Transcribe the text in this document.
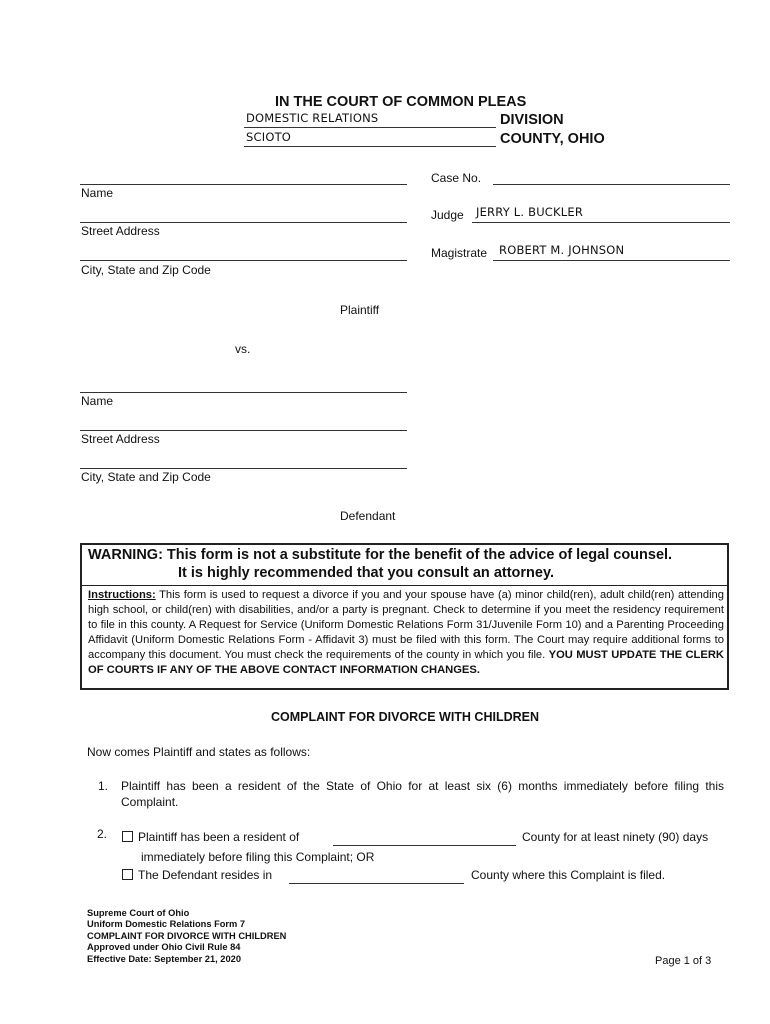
IN THE COURT OF COMMON PLEAS
DOMESTIC RELATIONS	DIVISION
SCIOTO	COUNTY, OHIO
Name
Street Address
City, State and Zip Code
Plaintiff
vs.
Name
Street Address
City, State and Zip Code
Defendant
Case No.
Judge JERRY L. BUCKLER
Magistrate ROBERT M. JOHNSON
WARNING: This form is not a substitute for the benefit of the advice of legal counsel.
It is highly recommended that you consult an attorney.
Instructions: This form is used to request a divorce if you and your spouse have (a) minor child(ren), adult child(ren) attending high school, or child(ren) with disabilities, and/or a party is pregnant. Check to determine if you meet the residency requirement to file in this county. A Request for Service (Uniform Domestic Relations Form 31/Juvenile Form 10) and a Parenting Proceeding Affidavit (Uniform Domestic Relations Form - Affidavit 3) must be filed with this form. The Court may require additional forms to accompany this document. You must check the requirements of the county in which you file. YOU MUST UPDATE THE CLERK OF COURTS IF ANY OF THE ABOVE CONTACT INFORMATION CHANGES.
COMPLAINT FOR DIVORCE WITH CHILDREN
Now comes Plaintiff and states as follows:
1. Plaintiff has been a resident of the State of Ohio for at least six (6) months immediately before filing this Complaint.
2.	Plaintiff has been a resident of	County for at least ninety (90) days
immediately before filing this Complaint; OR
The Defendant resides in	County where this Complaint is filed.
Supreme Court of Ohio
Uniform Domestic Relations Form 7
COMPLAINT FOR DIVORCE WITH CHILDREN
Approved under Ohio Civil Rule 84
Effective Date: September 21, 2020	Page 1 of 3
